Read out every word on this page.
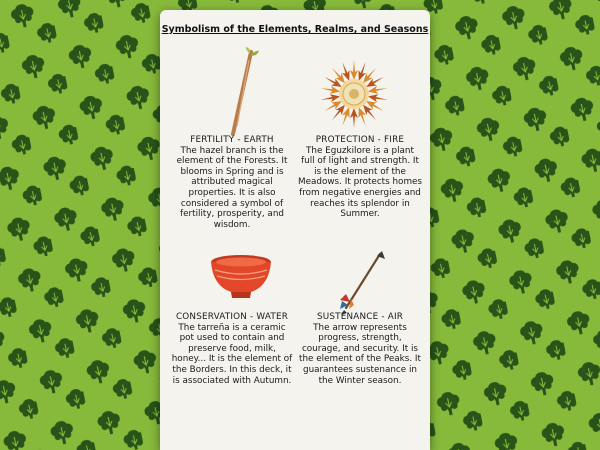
Symbolism of the Elements, Realms, and Seasons
FERTILITY - EARTH
The hazel branch is the element of the Forests. It blooms in Spring and is attributed magical properties. It is also considered a symbol of fertility, prosperity, and wisdom.
PROTECTION - FIRE
The Eguzkilore is a plant full of light and strength. It is the element of the Meadows. It protects homes from negative energies and reaches its splendor in Summer.
CONSERVATION - WATER
The tarreña is a ceramic pot used to contain and preserve food, milk, honey... It is the element of the Borders. In this deck, it is associated with Autumn.
SUSTENANCE - AIR
The arrow represents progress, strength, courage, and security. It is the element of the Peaks. It guarantees sustenance in the Winter season.
